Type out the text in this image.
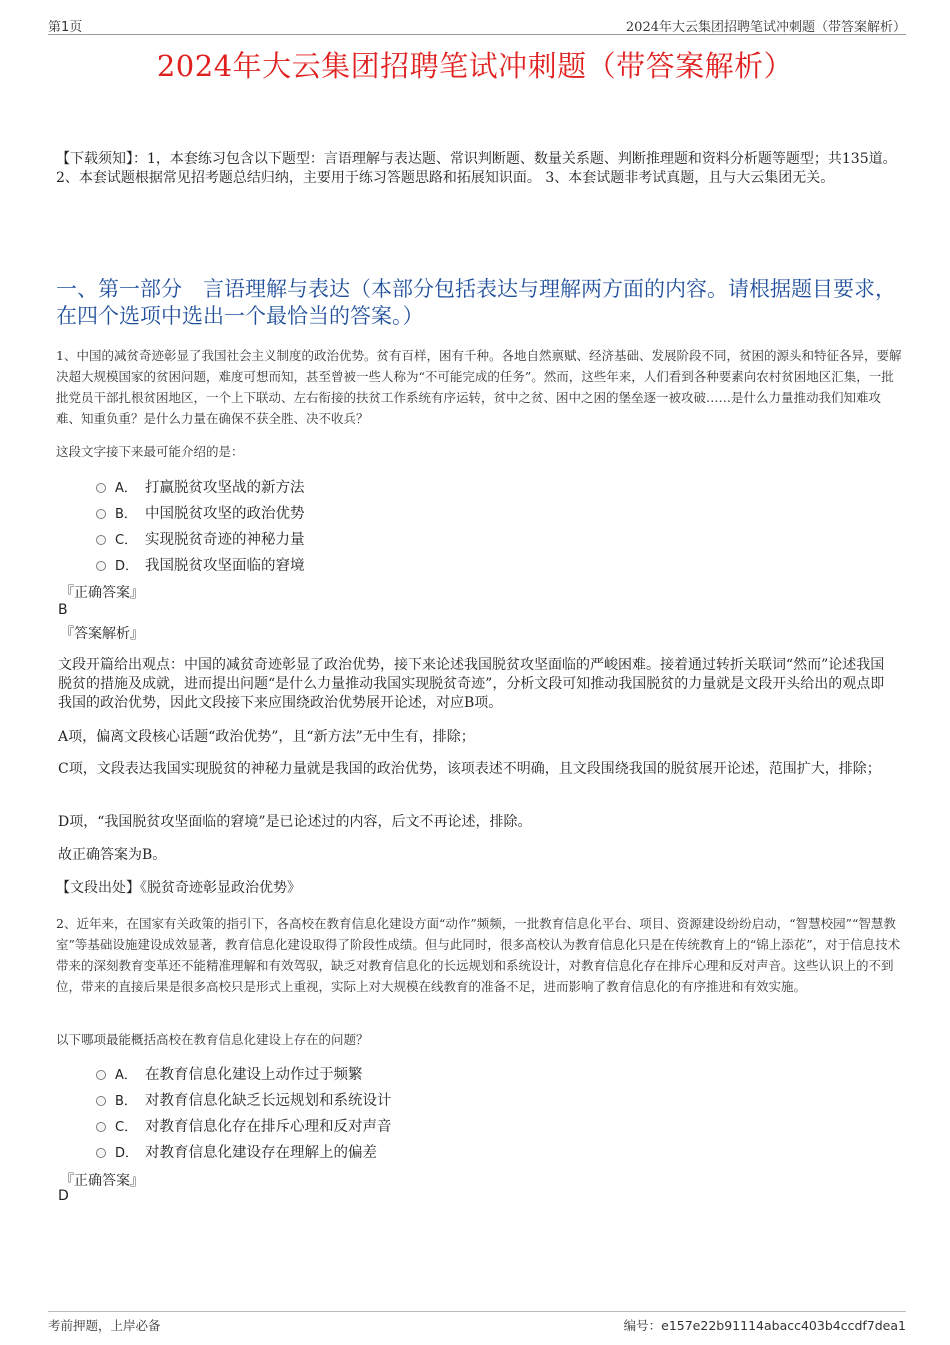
第1页	2024年大云集团招聘笔试冲刺题（带答案解析）
2024年大云集团招聘笔试冲刺题（带答案解析）
【下载须知】：1，本套练习包含以下题型：言语理解与表达题、常识判断题、数量关系题、判断推理题和资料分析题等题型；共135道。 2、本套试题根据常见招考题总结归纳，主要用于练习答题思路和拓展知识面。 3、本套试题非考试真题，且与大云集团无关。
一、第一部分　言语理解与表达（本部分包括表达与理解两方面的内容。请根据题目要求，在四个选项中选出一个最恰当的答案。）
1、中国的减贫奇迹彰显了我国社会主义制度的政治优势。贫有百样，困有千种。各地自然禀赋、经济基础、发展阶段不同，贫困的源头和特征各异，要解决超大规模国家的贫困问题，难度可想而知，甚至曾被一些人称为“不可能完成的任务”。然而，这些年来，人们看到各种要素向农村贫困地区汇集，一批批党员干部扎根贫困地区，一个上下联动、左右衔接的扶贫工作系统有序运转，贫中之贫、困中之困的堡垒逐一被攻破……是什么力量推动我们知难攻难、知重负重？是什么力量在确保不获全胜、决不收兵？
这段文字接下来最可能介绍的是：
A． 打赢脱贫攻坚战的新方法
B． 中国脱贫攻坚的政治优势
C． 实现脱贫奇迹的神秘力量
D． 我国脱贫攻坚面临的窘境
『正确答案』
B
『答案解析』
文段开篇给出观点：中国的减贫奇迹彰显了政治优势，接下来论述我国脱贫攻坚面临的严峻困难。接着通过转折关联词“然而”论述我国脱贫的措施及成就，进而提出问题“是什么力量推动我国实现脱贫奇迹”，分析文段可知推动我国脱贫的力量就是文段开头给出的观点即我国的政治优势，因此文段接下来应围绕政治优势展开论述，对应B项。
A项，偏离文段核心话题“政治优势”，且“新方法”无中生有，排除；
C项，文段表达我国实现脱贫的神秘力量就是我国的政治优势，该项表述不明确，且文段围绕我国的脱贫展开论述，范围扩大，排除；
D项，“我国脱贫攻坚面临的窘境”是已论述过的内容，后文不再论述，排除。
故正确答案为B。
【文段出处】《脱贫奇迹彰显政治优势》
2、近年来，在国家有关政策的指引下，各高校在教育信息化建设方面“动作”频频，一批教育信息化平台、项目、资源建设纷纷启动，“智慧校园”“智慧教室”等基础设施建设成效显著，教育信息化建设取得了阶段性成绩。但与此同时，很多高校认为教育信息化只是在传统教育上的“锦上添花”，对于信息技术带来的深刻教育变革还不能精准理解和有效驾驭，缺乏对教育信息化的长远规划和系统设计，对教育信息化存在排斥心理和反对声音。这些认识上的不到位，带来的直接后果是很多高校只是形式上重视，实际上对大规模在线教育的准备不足，进而影响了教育信息化的有序推进和有效实施。
以下哪项最能概括高校在教育信息化建设上存在的问题？
A． 在教育信息化建设上动作过于频繁
B． 对教育信息化缺乏长远规划和系统设计
C． 对教育信息化存在排斥心理和反对声音
D． 对教育信息化建设存在理解上的偏差
『正确答案』
D
考前押题，上岸必备	编号：e157e22b91114abacc403b4ccdf7dea1
